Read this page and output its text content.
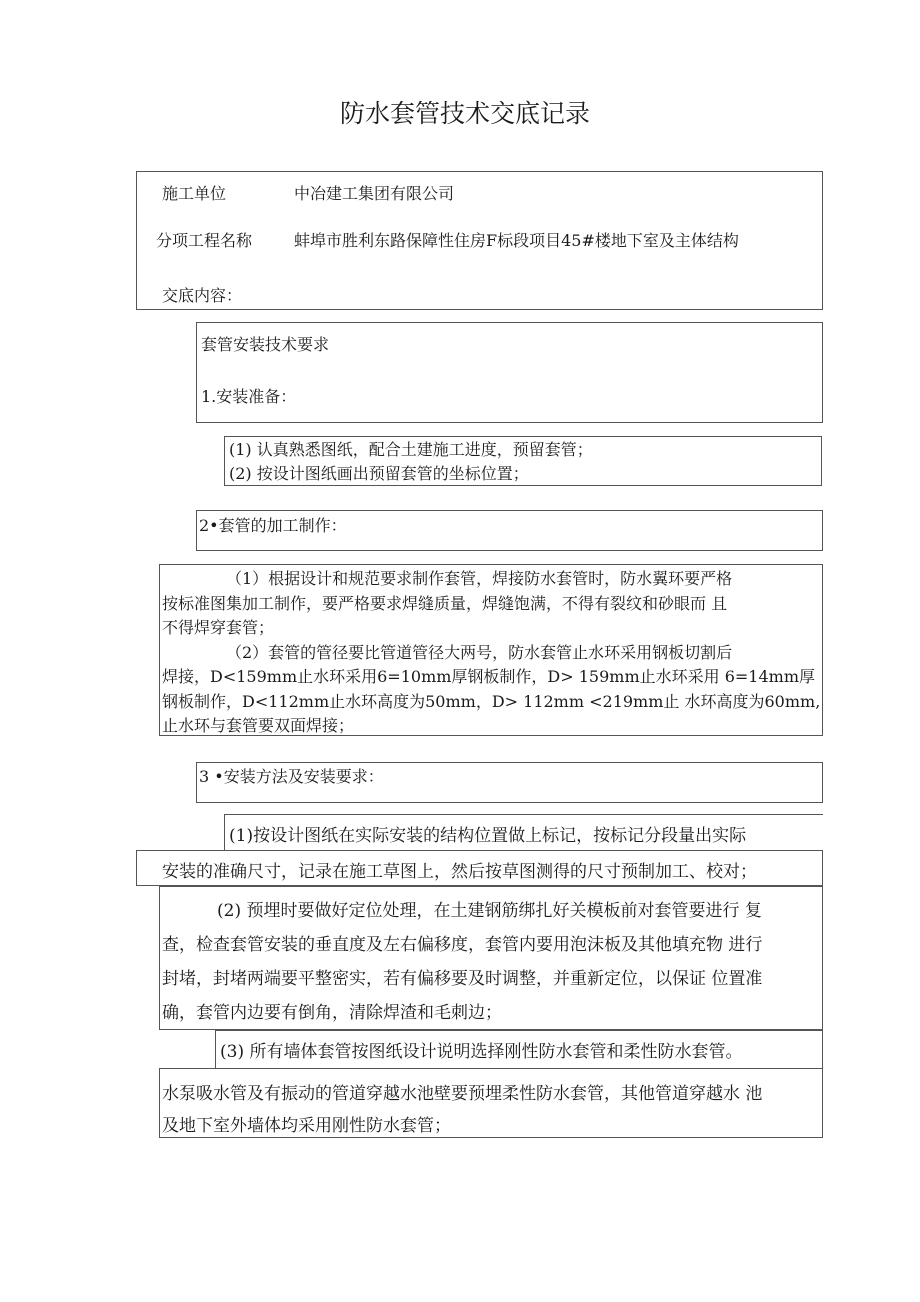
防水套管技术交底记录
施工单位	中冶建工集团有限公司
分项工程名称	蚌埠市胜利东路保障性住房F标段项目45#楼地下室及主体结构
交底内容：
套管安装技术要求
1.安装准备：
(1) 认真熟悉图纸，配合土建施工进度，预留套管；
(2) 按设计图纸画出预留套管的坐标位置；
2•套管的加工制作：
（1）根据设计和规范要求制作套管，焊接防水套管时，防水翼环要严格
按标准图集加工制作，要严格要求焊缝质量，焊缝饱满，不得有裂纹和砂眼而 且
不得焊穿套管；
（2）套管的管径要比管道管径大两号，防水套管止水环采用钢板切割后
焊接，D<159mm止水环采用6=10mm厚钢板制作，D> 159mm止水环采用 6=14mm厚
钢板制作，D<112mm止水环高度为50mm，D> 112mm <219mm止 水环高度为60mm,
止水环与套管要双面焊接；
3 •安装方法及安装要求：
(1)按设计图纸在实际安装的结构位置做上标记，按标记分段量出实际
安装的准确尺寸，记录在施工草图上，然后按草图测得的尺寸预制加工、校对；
(2) 预埋时要做好定位处理，在土建钢筋绑扎好关模板前对套管要进行 复
查，检查套管安装的垂直度及左右偏移度，套管内要用泡沫板及其他填充物 进行
封堵，封堵两端要平整密实，若有偏移要及时调整，并重新定位，以保证 位置准
确，套管内边要有倒角，清除焊渣和毛刺边；
(3) 所有墙体套管按图纸设计说明选择刚性防水套管和柔性防水套管。
水泵吸水管及有振动的管道穿越水池壁要预埋柔性防水套管，其他管道穿越水 池
及地下室外墙体均采用刚性防水套管；
